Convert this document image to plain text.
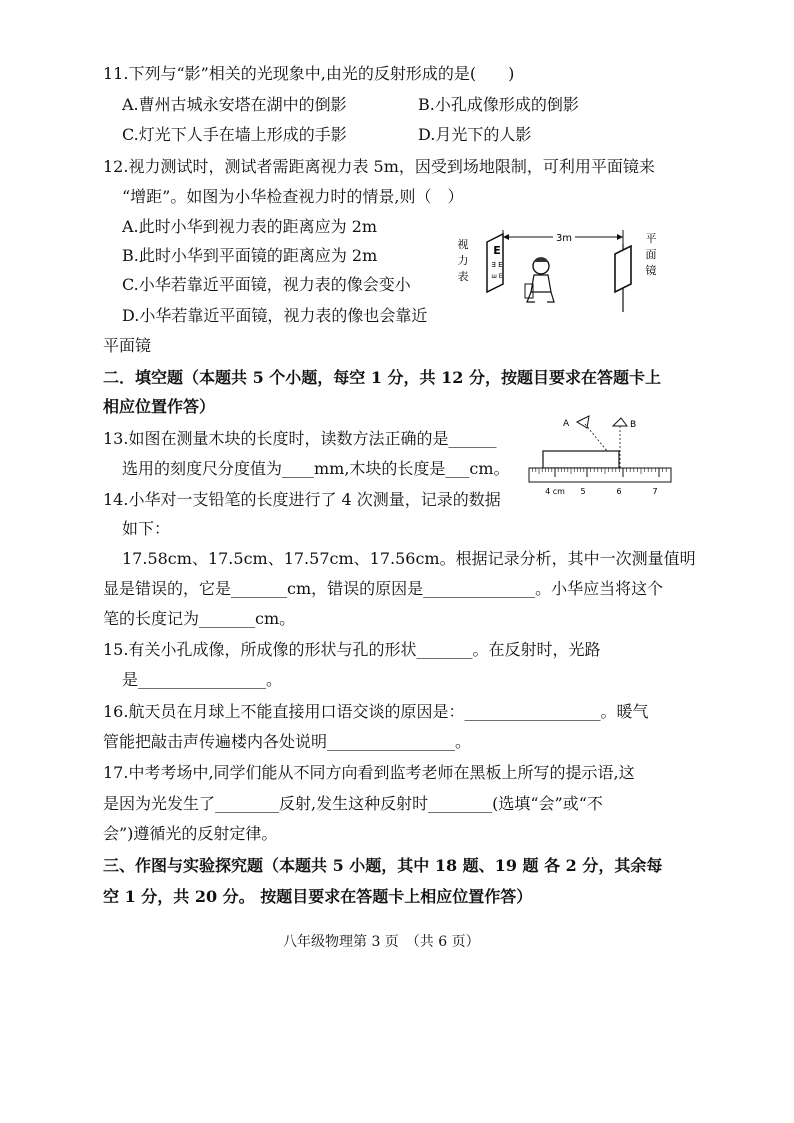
11.下列与“影”相关的光现象中,由光的反射形成的是(　　)
A.曹州古城永安塔在湖中的倒影	B.小孔成像形成的倒影
C.灯光下人手在墙上形成的手影	D.月光下的人影
12.视力测试时，测试者需距离视力表 5m，因受到场地限制，可利用平面镜来
“增距”。如图为小华检查视力时的情景,则（　）
A.此时小华到视力表的距离应为 2m
B.此时小华到平面镜的距离应为 2m
C.小华若靠近平面镜，视力表的像会变小
D.小华若靠近平面镜，视力表的像也会靠近
平面镜
视
力
表
E
Ǝ E
ш E
3m	平
面
镜
二．填空题（本题共 5 个小题，每空 1 分，共 12 分，按题目要求在答题卡上
相应位置作答）
13.如图在测量木块的长度时，读数方法正确的是______
选用的刻度尺分度值为____mm,木块的长度是___cm。
A	B
4 cm 5	6	7
14.小华对一支铅笔的长度进行了 4 次测量，记录的数据
如下：
17.58cm、17.5cm、17.57cm、17.56cm。根据记录分析，其中一次测量值明
显是错误的，它是_______cm，错误的原因是______________。小华应当将这个
笔的长度记为_______cm。
15.有关小孔成像，所成像的形状与孔的形状_______。在反射时，光路
是________________。
16.航天员在月球上不能直接用口语交谈的原因是：_________________。暖气
管能把敲击声传遍楼内各处说明________________。
17.中考考场中,同学们能从不同方向看到监考老师在黑板上所写的提示语,这
是因为光发生了________反射,发生这种反射时________(选填“会”或“不
会”)遵循光的反射定律。
三、作图与实验探究题（本题共 5 小题，其中 18 题、19 题 各 2 分，其余每
空 1 分，共 20 分。 按题目要求在答题卡上相应位置作答）
八年级物理第 3 页　（共 6 页）
